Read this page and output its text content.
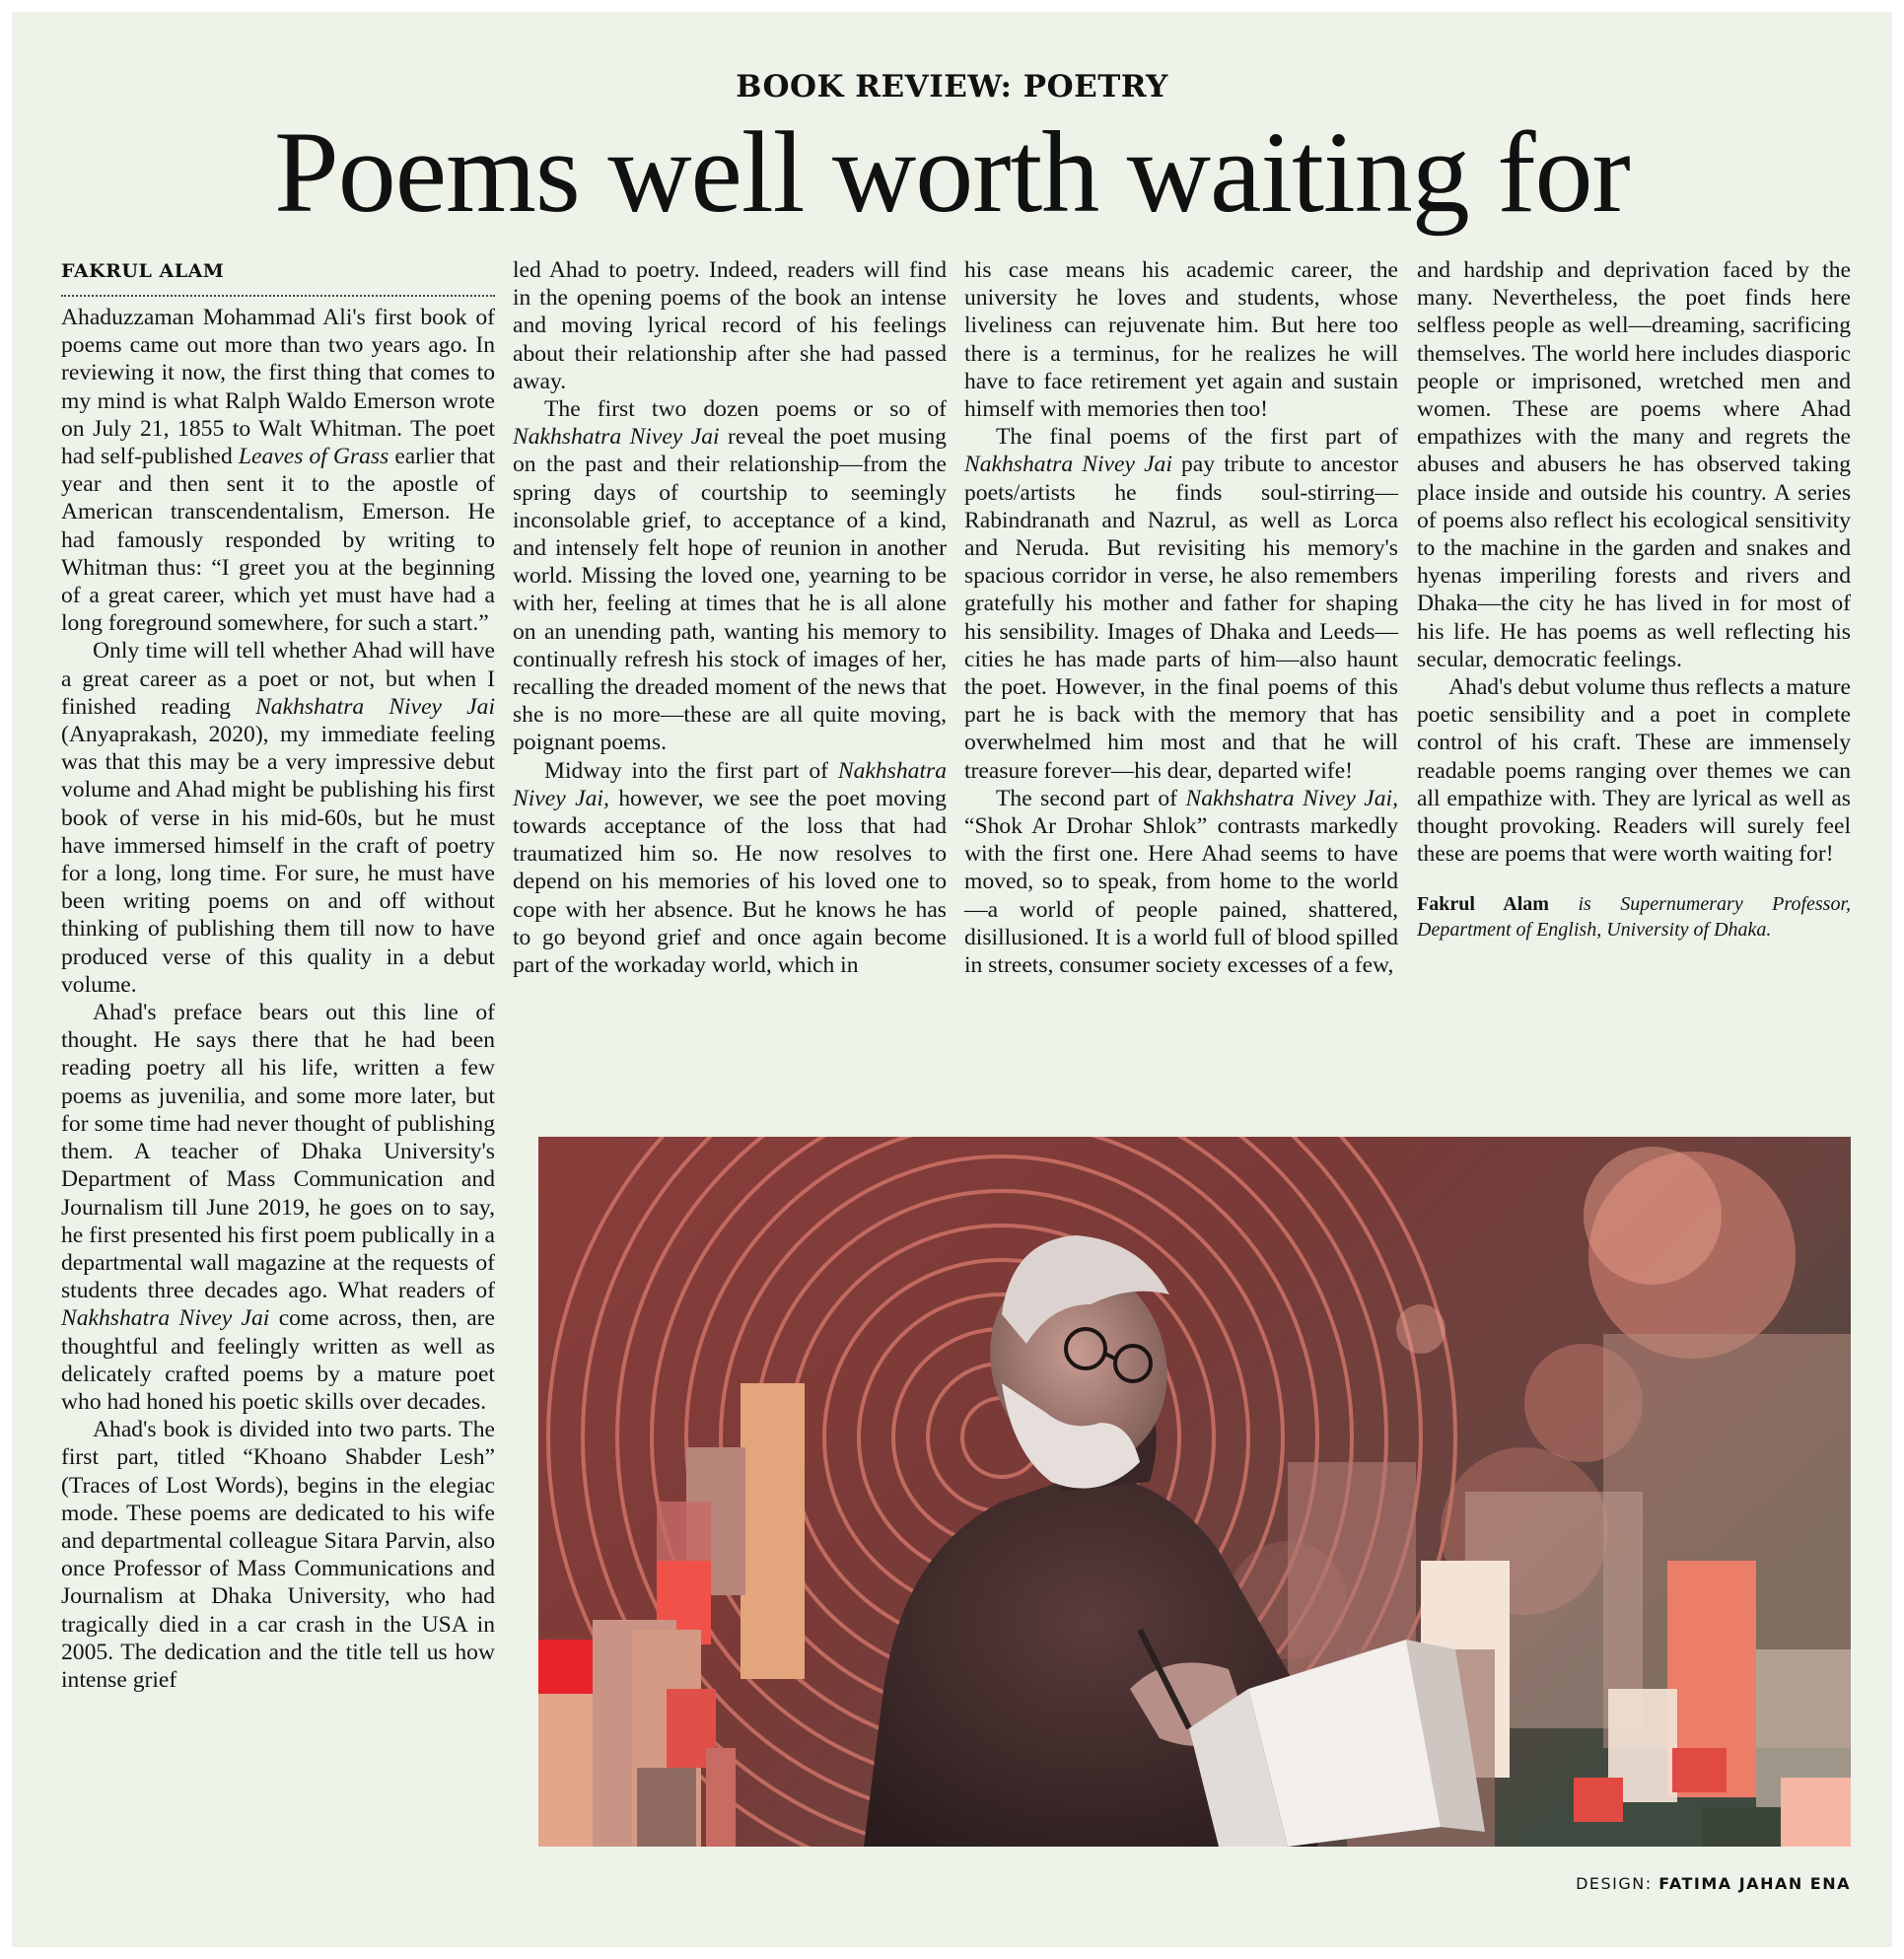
BOOK REVIEW: POETRY
Poems well worth waiting for
FAKRUL ALAM

Ahaduzzaman Mohammad Ali's first book of poems came out more than two years ago. In reviewing it now, the first thing that comes to my mind is what Ralph Waldo Emerson wrote on July 21, 1855 to Walt Whitman. The poet had self-published Leaves of Grass earlier that year and then sent it to the apostle of American transcendentalism, Emerson. He had famously responded by writing to Whitman thus: “I greet you at the beginning of a great career, which yet must have had a long foreground somewhere, for such a start.”

Only time will tell whether Ahad will have a great career as a poet or not, but when I finished reading Nakhshatra Nivey Jai (Anyaprakash, 2020), my immediate feeling was that this may be a very impressive debut volume and Ahad might be publishing his first book of verse in his mid-60s, but he must have immersed himself in the craft of poetry for a long, long time. For sure, he must have been writing poems on and off without thinking of publishing them till now to have produced verse of this quality in a debut volume.

Ahad's preface bears out this line of thought. He says there that he had been reading poetry all his life, written a few poems as juvenilia, and some more later, but for some time had never thought of publishing them. A teacher of Dhaka University's Department of Mass Communication and Journalism till June 2019, he goes on to say, he first presented his first poem publically in a departmental wall magazine at the requests of students three decades ago. What readers of Nakhshatra Nivey Jai come across, then, are thoughtful and feelingly written as well as delicately crafted poems by a mature poet who had honed his poetic skills over decades.

Ahad's book is divided into two parts. The first part, titled “Khoano Shabder Lesh” (Traces of Lost Words), begins in the elegiac mode. These poems are dedicated to his wife and departmental colleague Sitara Parvin, also once Professor of Mass Communications and Journalism at Dhaka University, who had tragically died in a car crash in the USA in 2005. The dedication and the title tell us how intense grief

led Ahad to poetry. Indeed, readers will find in the opening poems of the book an intense and moving lyrical record of his feelings about their relationship after she had passed away.

The first two dozen poems or so of Nakhshatra Nivey Jai reveal the poet musing on the past and their relationship—from the spring days of courtship to seemingly inconsolable grief, to acceptance of a kind, and intensely felt hope of reunion in another world. Missing the loved one, yearning to be with her, feeling at times that he is all alone on an unending path, wanting his memory to continually refresh his stock of images of her, recalling the dreaded moment of the news that she is no more—these are all quite moving, poignant poems.

Midway into the first part of Nakhshatra Nivey Jai, however, we see the poet moving towards acceptance of the loss that had traumatized him so. He now resolves to depend on his memories of his loved one to cope with her absence. But he knows he has to go beyond grief and once again become part of the workaday world, which in

his case means his academic career, the university he loves and students, whose liveliness can rejuvenate him. But here too there is a terminus, for he realizes he will have to face retirement yet again and sustain himself with memories then too!

The final poems of the first part of Nakhshatra Nivey Jai pay tribute to ancestor poets/artists he finds soul-stirring—Rabindranath and Nazrul, as well as Lorca and Neruda. But revisiting his memory's spacious corridor in verse, he also remembers gratefully his mother and father for shaping his sensibility. Images of Dhaka and Leeds—cities he has made parts of him—also haunt the poet. However, in the final poems of this part he is back with the memory that has overwhelmed him most and that he will treasure forever—his dear, departed wife!

The second part of Nakhshatra Nivey Jai, “Shok Ar Drohar Shlok” contrasts markedly with the first one. Here Ahad seems to have moved, so to speak, from home to the world—a world of people pained, shattered, disillusioned. It is a world full of blood spilled in streets, consumer society excesses of a few,

and hardship and deprivation faced by the many. Nevertheless, the poet finds here selfless people as well—dreaming, sacrificing themselves. The world here includes diasporic people or imprisoned, wretched men and women. These are poems where Ahad empathizes with the many and regrets the abuses and abusers he has observed taking place inside and outside his country. A series of poems also reflect his ecological sensitivity to the machine in the garden and snakes and hyenas imperiling forests and rivers and Dhaka—the city he has lived in for most of his life. He has poems as well reflecting his secular, democratic feelings.

Ahad's debut volume thus reflects a mature poetic sensibility and a poet in complete control of his craft. These are immensely readable poems ranging over themes we can all empathize with. They are lyrical as well as thought provoking. Readers will surely feel these are poems that were worth waiting for!

Fakrul Alam is Supernumerary Professor, Department of English, University of Dhaka.
DESIGN: FATIMA JAHAN ENA
